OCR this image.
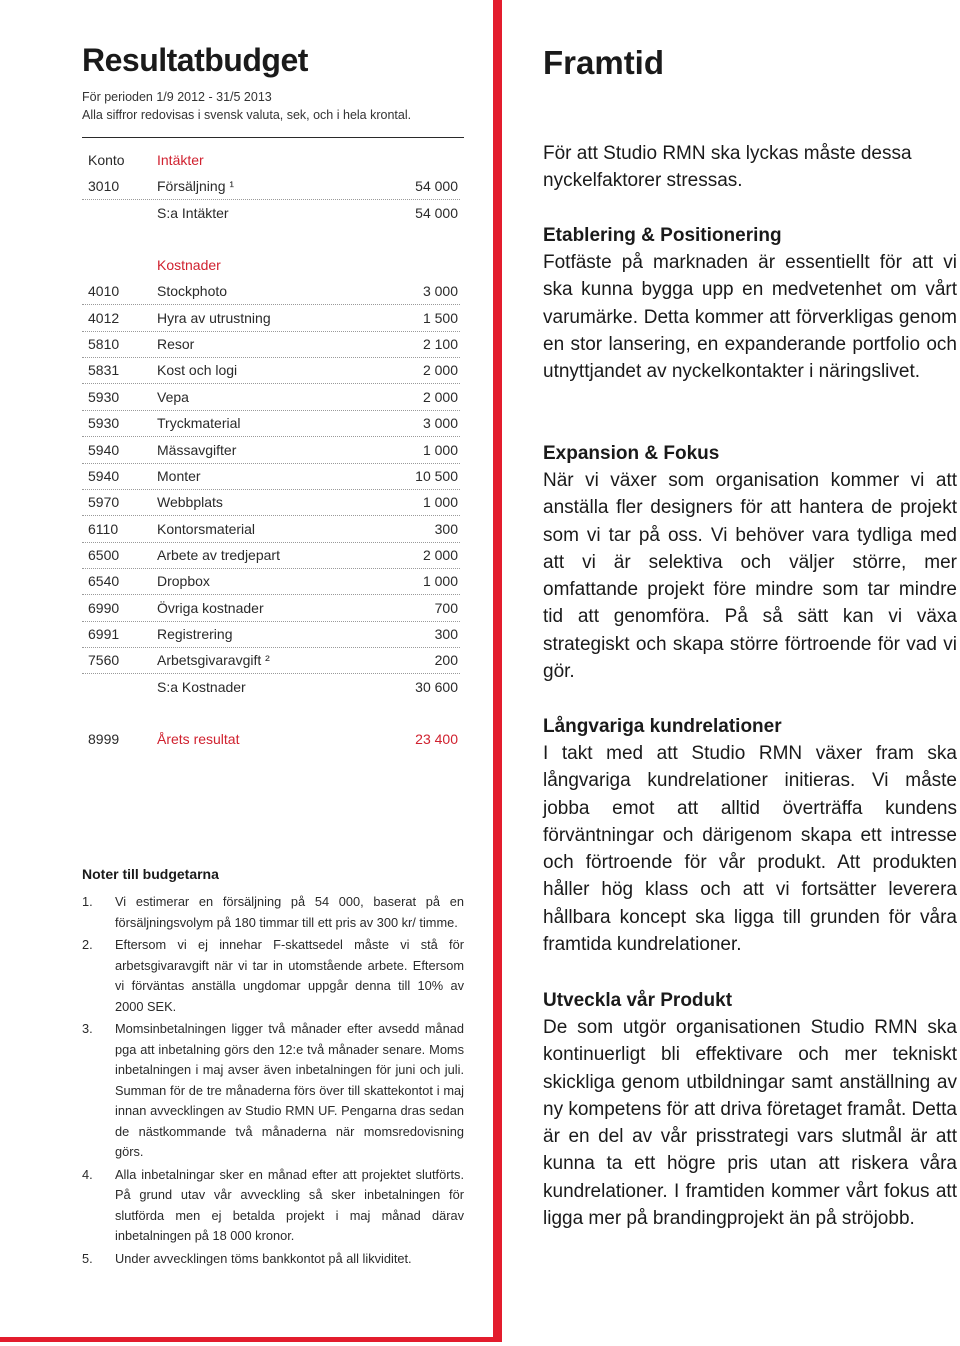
Resultatbudget
För perioden 1/9 2012 - 31/5 2013
Alla siffror redovisas i svensk valuta, sek, och i hela krontal.
Konto Intäkter
3010	Försäljning ¹	54 000
S:a Intäkter	54 000
Kostnader
4010	Stockphoto	3 000
4012	Hyra av utrustning	1 500
5810	Resor	2 100
5831	Kost och logi	2 000
5930	Vepa	2 000
5930	Tryckmaterial	3 000
5940	Mässavgifter	1 000
5940	Monter	10 500
5970	Webbplats	1 000
6110	Kontorsmaterial	300
6500	Arbete av tredjepart	2 000
6540	Dropbox	1 000
6990	Övriga kostnader	700
6991	Registrering	300
7560	Arbetsgivaravgift ²	200
S:a Kostnader	30 600
8999	Årets resultat	23 400
Noter till budgetarna
1. Vi estimerar en försäljning på 54 000, baserat på en försäljningsvolym på 180 timmar till ett pris av 300 kr/ timme.
2. Eftersom vi ej innehar F-skattsedel måste vi stå för arbetsgivaravgift när vi tar in utomstående arbete. Eftersom vi förväntas anställa ungdomar uppgår denna till 10% av 2000 SEK.
3. Momsinbetalningen ligger två månader efter avsedd månad pga att inbetalning görs den 12:e två månader senare. Moms inbetalningen i maj avser även inbetalningen för juni och juli. Summan för de tre månaderna förs över till skattekontot i maj innan avvecklingen av Studio RMN UF. Pengarna dras sedan de nästkommande två månaderna när momsredovisning görs.
4. Alla inbetalningar sker en månad efter att projektet slutförts. På grund utav vår avveckling så sker inbetalningen för slutförda men ej betalda projekt i maj månad därav inbetalningen på 18 000 kronor.
5. Under avvecklingen töms bankkontot på all likviditet.
Framtid

För att Studio RMN ska lyckas måste dessa nyckelfaktorer stressas.

Etablering & Positionering

Fotfäste på marknaden är essentiellt för att vi ska kunna bygga upp en medvetenhet om vårt varumärke. Detta kommer att förverkligas genom en stor lansering, en expanderande portfolio och utnyttjandet av nyckelkontakter i näringslivet.

Expansion & Fokus

När vi växer som organisation kommer vi att anställa fler designers för att hantera de projekt som vi tar på oss. Vi behöver vara tydliga med att vi är selektiva och väljer större, mer omfattande projekt före mindre som tar mindre tid att genomföra. På så sätt kan vi växa strategiskt och skapa större förtroende för vad vi gör.

Långvariga kundrelationer

I takt med att Studio RMN växer fram ska långvariga kundrelationer initieras. Vi måste jobba emot att alltid överträffa kundens förväntningar och därigenom skapa ett intresse och förtroende för vår produkt. Att produkten håller hög klass och att vi fortsätter leverera hållbara koncept ska ligga till grunden för våra framtida kundrelationer.

Utveckla vår Produkt

De som utgör organisationen Studio RMN ska kontinuerligt bli effektivare och mer tekniskt skickliga genom utbildningar samt anställning av ny kompetens för att driva företaget framåt. Detta är en del av vår prisstrategi vars slutmål är att kunna ta ett högre pris utan att riskera våra kundrelationer. I framtiden kommer vårt fokus att ligga mer på brandingprojekt än på ströjobb.
